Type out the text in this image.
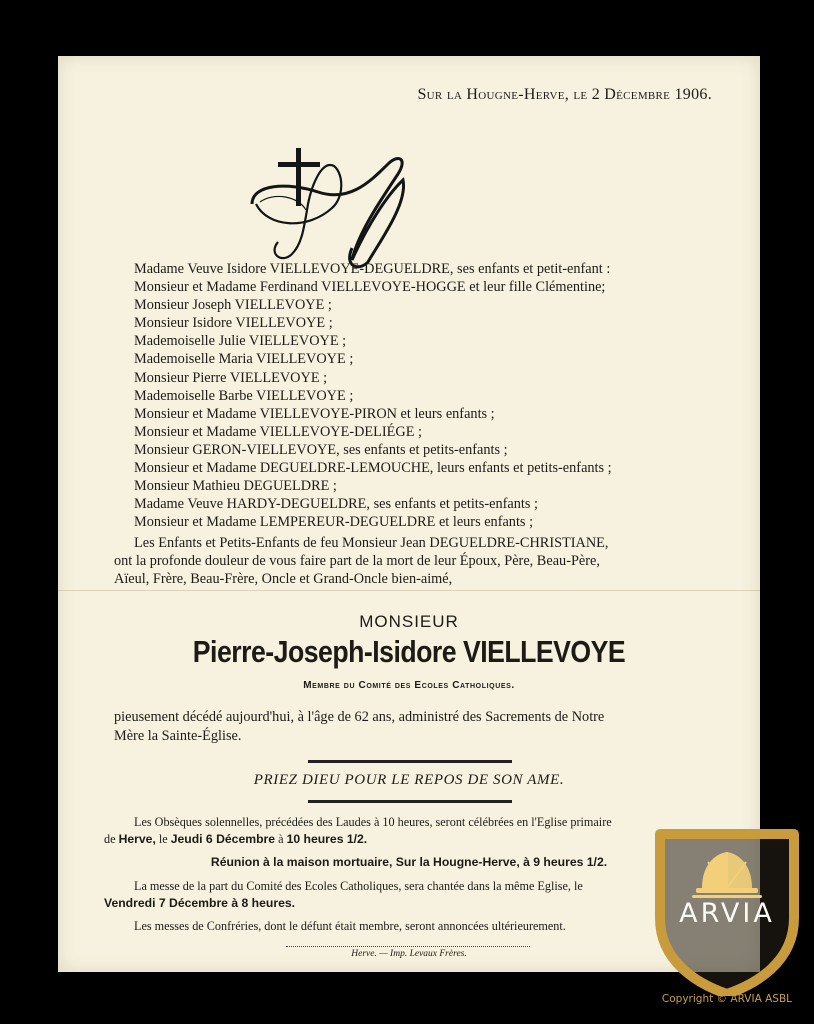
Sur la Hougne-Herve, le 2 Décembre 1906.
Madame Veuve Isidore VIELLEVOYE-DEGUELDRE, ses enfants et petit-enfant :
Monsieur et Madame Ferdinand VIELLEVOYE-HOGGE et leur fille Clémentine;
Monsieur Joseph VIELLEVOYE ;
Monsieur Isidore VIELLEVOYE ;
Mademoiselle Julie VIELLEVOYE ;
Mademoiselle Maria VIELLEVOYE ;
Monsieur Pierre VIELLEVOYE ;
Mademoiselle Barbe VIELLEVOYE ;
Monsieur et Madame VIELLEVOYE-PIRON et leurs enfants ;
Monsieur et Madame VIELLEVOYE-DELIÉGE ;
Monsieur GERON-VIELLEVOYE, ses enfants et petits-enfants ;
Monsieur et Madame DEGUELDRE-LEMOUCHE, leurs enfants et petits-enfants ;
Monsieur Mathieu DEGUELDRE ;
Madame Veuve HARDY-DEGUELDRE, ses enfants et petits-enfants ;
Monsieur et Madame LEMPEREUR-DEGUELDRE et leurs enfants ;
Les Enfants et Petits-Enfants de feu Monsieur Jean DEGUELDRE-CHRISTIANE,
ont la profonde douleur de vous faire part de la mort de leur Époux, Père, Beau-Père,
Aïeul, Frère, Beau-Frère, Oncle et Grand-Oncle bien-aimé,
MONSIEUR
Pierre-Joseph-Isidore VIELLEVOYE
Membre du Comité des Ecoles Catholiques.
pieusement décédé aujourd'hui, à l'âge de 62 ans, administré des Sacrements de Notre
Mère la Sainte-Église.
PRIEZ DIEU POUR LE REPOS DE SON AME.
Les Obsèques solennelles, précédées des Laudes à 10 heures, seront célébrées en l'Eglise primaire
de Herve, le Jeudi 6 Décembre à 10 heures 1/2.
Réunion à la maison mortuaire, Sur la Hougne-Herve, à 9 heures 1/2.
La messe de la part du Comité des Ecoles Catholiques, sera chantée dans la même Eglise, le
Vendredi 7 Décembre à 8 heures.
Les messes de Confréries, dont le défunt était membre, seront annoncées ultérieurement.
Herve. — Imp. Levaux Frères.
ARVIA
Copyright © ARVIA ASBL
